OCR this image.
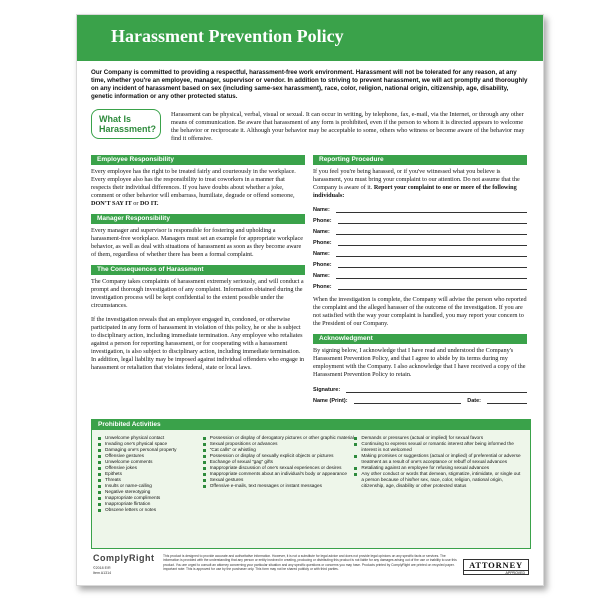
Harassment Prevention Policy

Our Company is committed to providing a respectful, harassment-free work environment. Harassment will not be tolerated for any reason, at any time, whether you're an employee, manager, supervisor or vendor. In addition to striving to prevent harassment, we will act promptly and thoroughly on any incident of harassment based on sex (including same-sex harassment), race, color, religion, national origin, citizenship, age, disability, genetic information or any other protected status.

What Is
Harassment?

Harassment can be physical, verbal, visual or sexual. It can occur in writing, by telephone, fax, e-mail, via the Internet, or through any other means of communication. Be aware that harassment of any form is prohibited, even if the person to whom it is directed appears to welcome the behavior or reciprocate it. Although your behavior may be acceptable to some, others who witness or become aware of the behavior may find it offensive.

Employee Responsibility

Every employee has the right to be treated fairly and courteously in the workplace. Every employee also has the responsibility to treat coworkers in a manner that respects their individual differences. If you have doubts about whether a joke, comment or other behavior will embarrass, humiliate, degrade or offend someone, DON'T SAY IT or DO IT.

Manager Responsibility

Every manager and supervisor is responsible for fostering and upholding a harassment-free workplace. Managers must set an example for appropriate workplace behavior, as well as deal with situations of harassment as soon as they become aware of them, regardless of whether there has been a formal complaint.

The Consequences of Harassment

The Company takes complaints of harassment extremely seriously, and will conduct a prompt and thorough investigation of any complaint. Information obtained during the investigation process will be kept confidential to the extent possible under the circumstances.

If the investigation reveals that an employee engaged in, condoned, or otherwise participated in any form of harassment in violation of this policy, he or she is subject to disciplinary action, including immediate termination. Any employee who retaliates against a person for reporting harassment, or for cooperating with a harassment investigation, is also subject to disciplinary action, including immediate termination. In addition, legal liability may be imposed against individual offenders who engage in harassment or retaliation that violates federal, state or local laws.

Reporting Procedure

If you feel you're being harassed, or if you've witnessed what you believe is harassment, you must bring your complaint to our attention. Do not assume that the Company is aware of it. Report your complaint to one or more of the following individuals:

Name:
Phone:
Name:
Phone:
Name:
Phone:
Name:
Phone:

When the investigation is complete, the Company will advise the person who reported the complaint and the alleged harasser of the outcome of the investigation. If you are not satisfied with the way your complaint is handled, you may report your concern to the President of our Company.

Acknowledgment

By signing below, I acknowledge that I have read and understood the Company's Harassment Prevention Policy, and that I agree to abide by its terms during my employment with the Company. I also acknowledge that I have received a copy of the Harassment Prevention Policy to retain.

Signature:
Name (Print):	Date:
Prohibited Activities
Unwelcome physical contact
Invading one's physical space
Damaging one's personal property
Offensive gestures
Unwelcome comments
Offensive jokes
Epithets
Threats
Insults or name-calling
Negative stereotyping
Inappropriate compliments
Inappropriate flirtation
Obscene letters or notes
Possession or display of derogatory pictures or other graphic material
Sexual propositions or advances
"Cat calls" or whistling
Possession or display of sexually explicit objects or pictures
Exchange of sexual "gag" gifts
Inappropriate discussion of one's sexual experiences or desires
Inappropriate comments about an individual's body or appearance
Sexual gestures
Offensive e-mails, text messages or instant messages
Demands or pressures (actual or implied) for sexual favors
Continuing to express sexual or romantic interest after being informed the interest is not welcomed
Making promises or suggestions (actual or implied) of preferential or adverse treatment as a result of one's acceptance or rebuff of sexual advances
Retaliating against an employee for refusing sexual advances
Any other conduct or words that demean, stigmatize, intimidate, or single out a person because of his/her sex, race, color, religion, national origin, citizenship, age, disability or other protected status
ComplyRight
©2018 E/R
Item A1314

This product is designed to provide accurate and authoritative information. However, it is not a substitute for legal advice and does not provide legal opinions on any specific facts or services. The information is provided with the understanding that any person or entity involved in creating, producing or distributing this product is not liable for any damages arising out of the use or inability to use this product. You are urged to consult an attorney concerning your particular situation and any specific questions or concerns you may have. Products printed by ComplyRight are printed on recycled paper. Important note: This is approved for use by the purchaser only. This form may not be shared publicly or with third parties.	ATTORNEY
APPROVED
